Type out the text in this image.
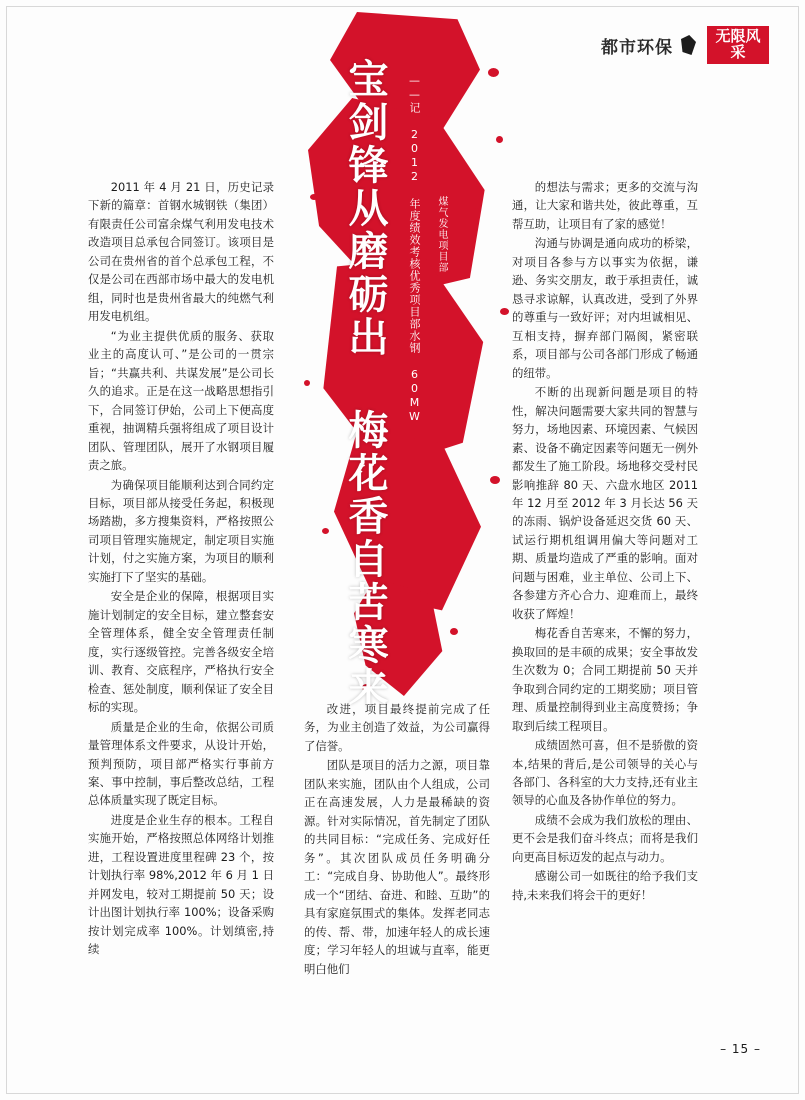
都市环保
无限风采
宝剑锋从磨砺出 梅花香自苦寒来 ——记 2012 年度绩效考核优秀项目部水钢 60MW 煤气发电项目部

2011 年 4 月 21 日，历史记录下新的篇章：首钢水城钢铁（集团）有限责任公司富余煤气利用发电技术改造项目总承包合同签订。该项目是公司在贵州省的首个总承包工程，不仅是公司在西部市场中最大的发电机组，同时也是贵州省最大的纯燃气利用发电机组。

“为业主提供优质的服务、获取业主的高度认可、”是公司的一贯宗旨；“共赢共利、共谋发展”是公司长久的追求。正是在这一战略思想指引下，合同签订伊始，公司上下便高度重视，抽调精兵强将组成了项目设计团队、管理团队，展开了水钢项目履责之旅。

为确保项目能顺利达到合同约定目标，项目部从接受任务起，积极现场踏勘，多方搜集资料，严格按照公司项目管理实施规定，制定项目实施计划，付之实施方案，为项目的顺利实施打下了坚实的基础。

安全是企业的保障，根据项目实施计划制定的安全目标，建立整套安全管理体系，健全安全管理责任制度，实行逐级管控。完善各级安全培训、教育、交底程序，严格执行安全检查、惩处制度，顺利保证了安全目标的实现。

质量是企业的生命，依据公司质量管理体系文件要求，从设计开始，预判预防，项目部严格实行事前方案、事中控制，事后整改总结，工程总体质量实现了既定目标。

进度是企业生存的根本。工程自实施开始，严格按照总体网络计划推进，工程设置进度里程碑 23 个，按计划执行率 98%,2012 年 6 月 1 日并网发电，较对工期提前 50 天；设计出图计划执行率 100%；设备采购按计划完成率 100%。计划缜密,持续

改进，项目最终提前完成了任务，为业主创造了效益，为公司赢得了信誉。

团队是项目的活力之源，项目靠团队来实施，团队由个人组成，公司正在高速发展，人力是最稀缺的资源。针对实际情况，首先制定了团队的共同目标：“完成任务、完成好任务”。其次团队成员任务明确分工：“完成自身、协助他人”。最终形成一个“团结、奋进、和睦、互助”的具有家庭氛围式的集体。发挥老同志的传、帮、带，加速年轻人的成长速度；学习年轻人的坦诚与直率，能更明白他们

的想法与需求；更多的交流与沟通，让大家和谐共处，彼此尊重，互帮互助，让项目有了家的感觉！

沟通与协调是通向成功的桥梁，对项目各参与方以事实为依据，谦逊、务实交朋友，敢于承担责任，诚恳寻求谅解，认真改进，受到了外界的尊重与一致好评；对内坦诚相见、互相支持，摒弃部门隔阂，紧密联系，项目部与公司各部门形成了畅通的纽带。

不断的出现新问题是项目的特性，解决问题需要大家共同的智慧与努力，场地因素、环境因素、气候因素、设备不确定因素等问题无一例外都发生了施工阶段。场地移交受村民影响推辞 80 天、六盘水地区 2011 年 12 月至 2012 年 3 月长达 56 天的冻雨、锅炉设备延迟交货 60 天、试运行期机组调用偏大等问题对工期、质量均造成了严重的影响。面对问题与困难，业主单位、公司上下、各参建方齐心合力、迎难而上，最终收获了辉煌！

梅花香自苦寒来，不懈的努力，换取回的是丰硕的成果；安全事故发生次数为 0；合同工期提前 50 天并争取到合同约定的工期奖励；项目管理、质量控制得到业主高度赞扬；争取到后续工程项目。

成绩固然可喜，但不是骄傲的资本,结果的背后,是公司领导的关心与各部门、各科室的大力支持,还有业主领导的心血及各协作单位的努力。

成绩不会成为我们放松的理由、更不会是我们奋斗终点；而将是我们向更高目标迈发的起点与动力。

感谢公司一如既往的给予我们支持,未来我们将会干的更好！

– 15 –
